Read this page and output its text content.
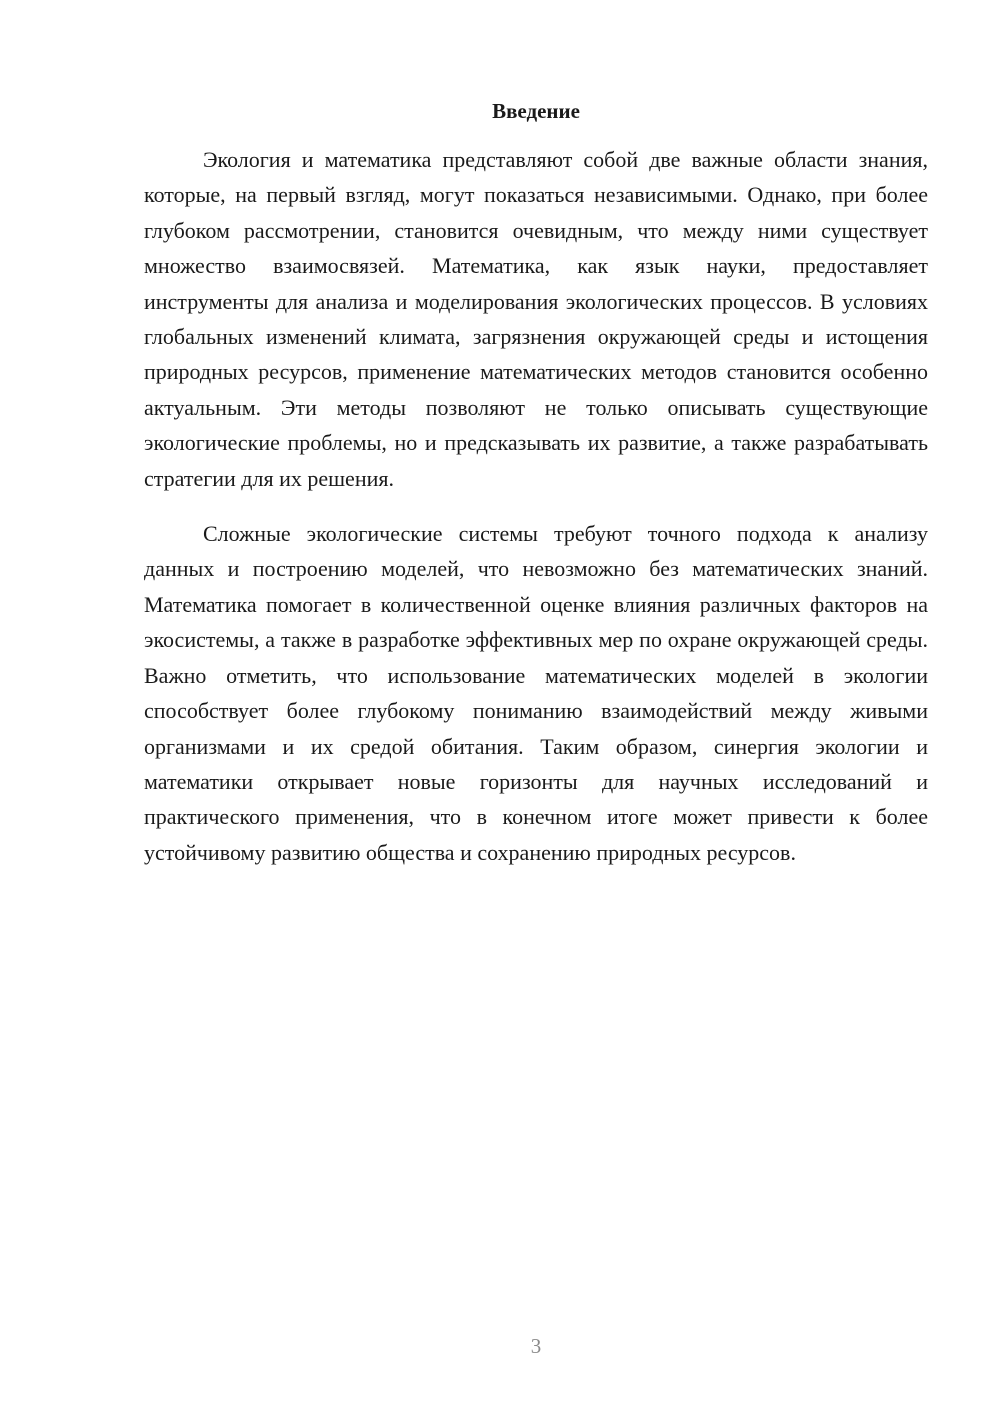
Введение

Экология и математика представляют собой две важные области знания, которые, на первый взгляд, могут показаться независимыми. Однако, при более глубоком рассмотрении, становится очевидным, что между ними существует множество взаимосвязей. Математика, как язык науки, предоставляет инструменты для анализа и моделирования экологических процессов. В условиях глобальных изменений климата, загрязнения окружающей среды и истощения природных ресурсов, применение математических методов становится особенно актуальным. Эти методы позволяют не только описывать существующие экологические проблемы, но и предсказывать их развитие, а также разрабатывать стратегии для их решения.

Сложные экологические системы требуют точного подхода к анализу данных и построению моделей, что невозможно без математических знаний. Математика помогает в количественной оценке влияния различных факторов на экосистемы, а также в разработке эффективных мер по охране окружающей среды. Важно отметить, что использование математических моделей в экологии способствует более глубокому пониманию взаимодействий между живыми организмами и их средой обитания. Таким образом, синергия экологии и математики открывает новые горизонты для научных исследований и практического применения, что в конечном итоге может привести к более устойчивому развитию общества и сохранению природных ресурсов.

3
